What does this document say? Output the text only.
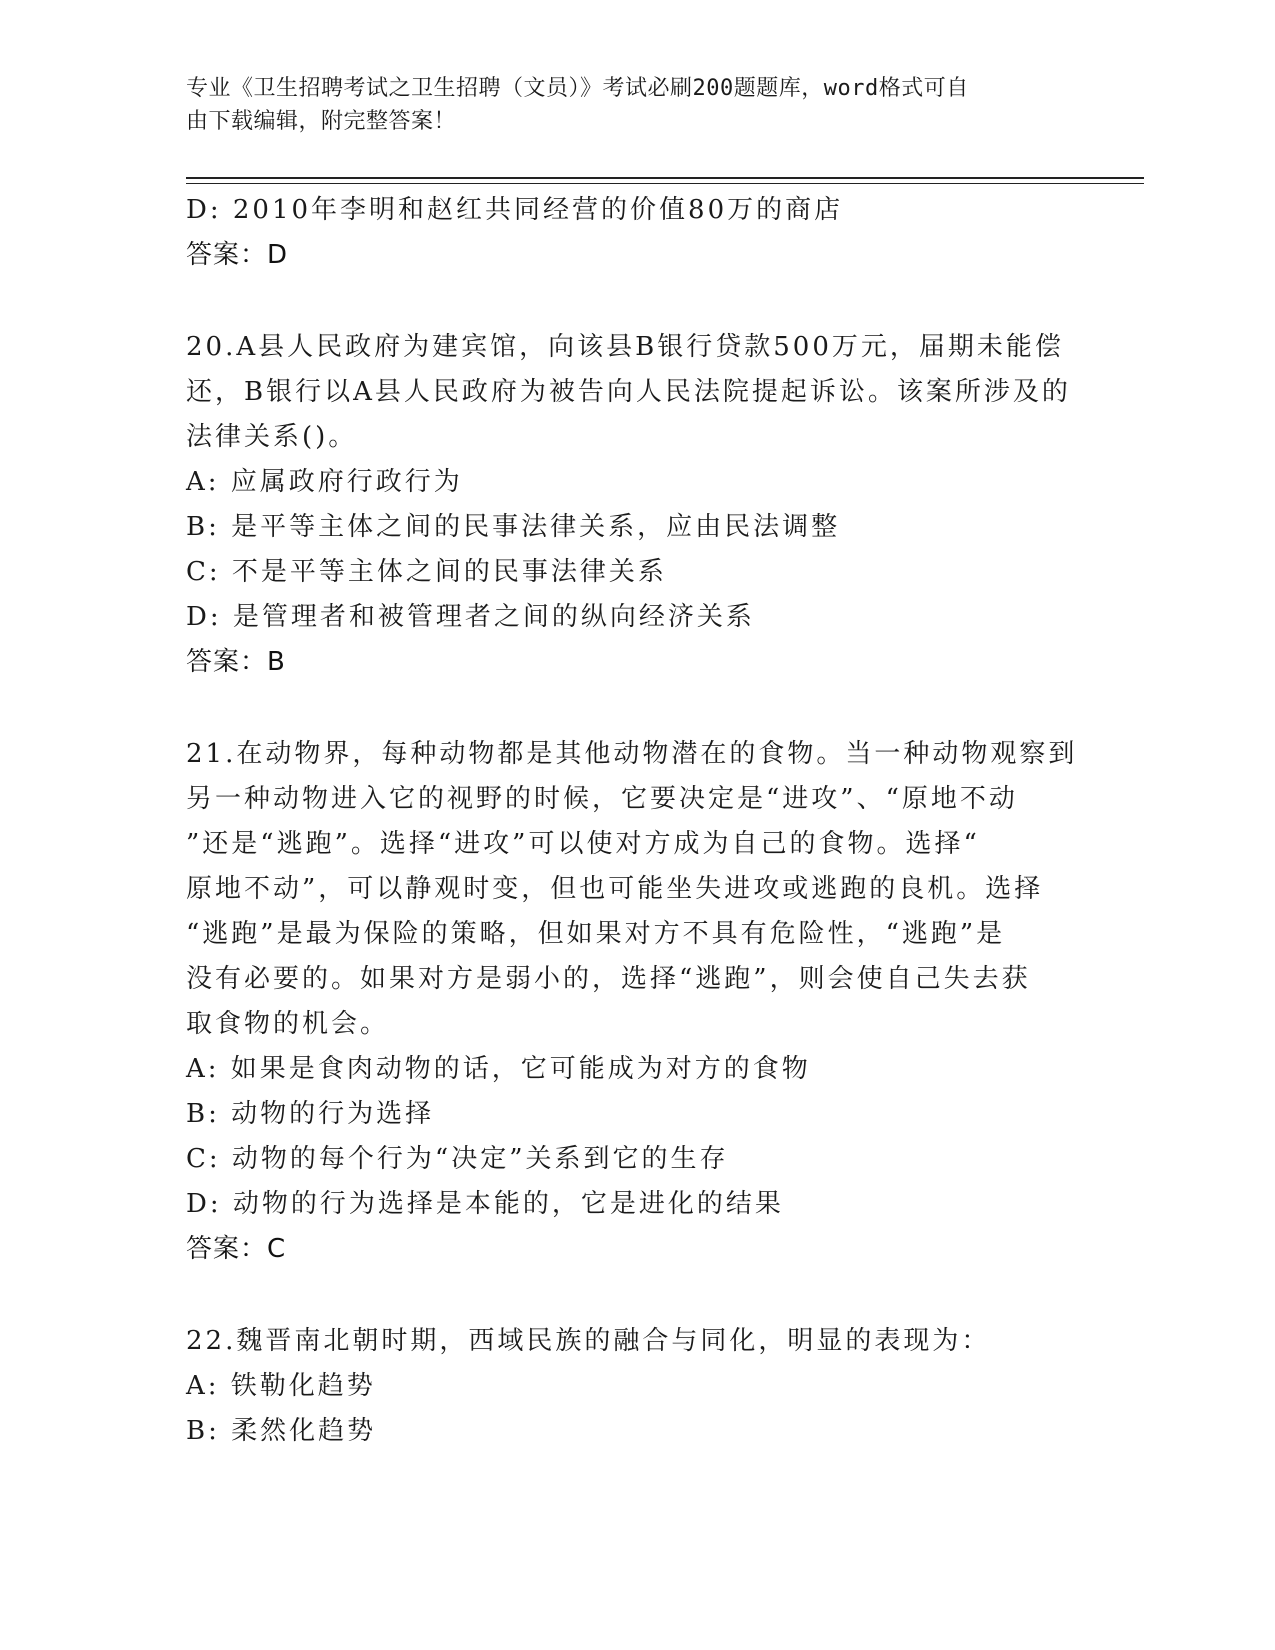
专业《卫生招聘考试之卫生招聘（文员）》考试必刷200题题库，word格式可自
由下载编辑，附完整答案！
D: 2010年李明和赵红共同经营的价值80万的商店
答案：D
20.A县人民政府为建宾馆，向该县B银行贷款500万元，届期未能偿
还，B银行以A县人民政府为被告向人民法院提起诉讼。该案所涉及的
法律关系()。
A: 应属政府行政行为
B: 是平等主体之间的民事法律关系，应由民法调整
C: 不是平等主体之间的民事法律关系
D: 是管理者和被管理者之间的纵向经济关系
答案：B
21.在动物界，每种动物都是其他动物潜在的食物。当一种动物观察到
另一种动物进入它的视野的时候，它要决定是“进攻”、“原地不动
”还是“逃跑”。选择“进攻”可以使对方成为自己的食物。选择“
原地不动”，可以静观时变，但也可能坐失进攻或逃跑的良机。选择
“逃跑”是最为保险的策略，但如果对方不具有危险性，“逃跑”是
没有必要的。如果对方是弱小的，选择“逃跑”，则会使自己失去获
取食物的机会。
A: 如果是食肉动物的话，它可能成为对方的食物
B: 动物的行为选择
C: 动物的每个行为“决定”关系到它的生存
D: 动物的行为选择是本能的，它是进化的结果
答案：C
22.魏晋南北朝时期，西域民族的融合与同化，明显的表现为：
A: 铁勒化趋势
B: 柔然化趋势
